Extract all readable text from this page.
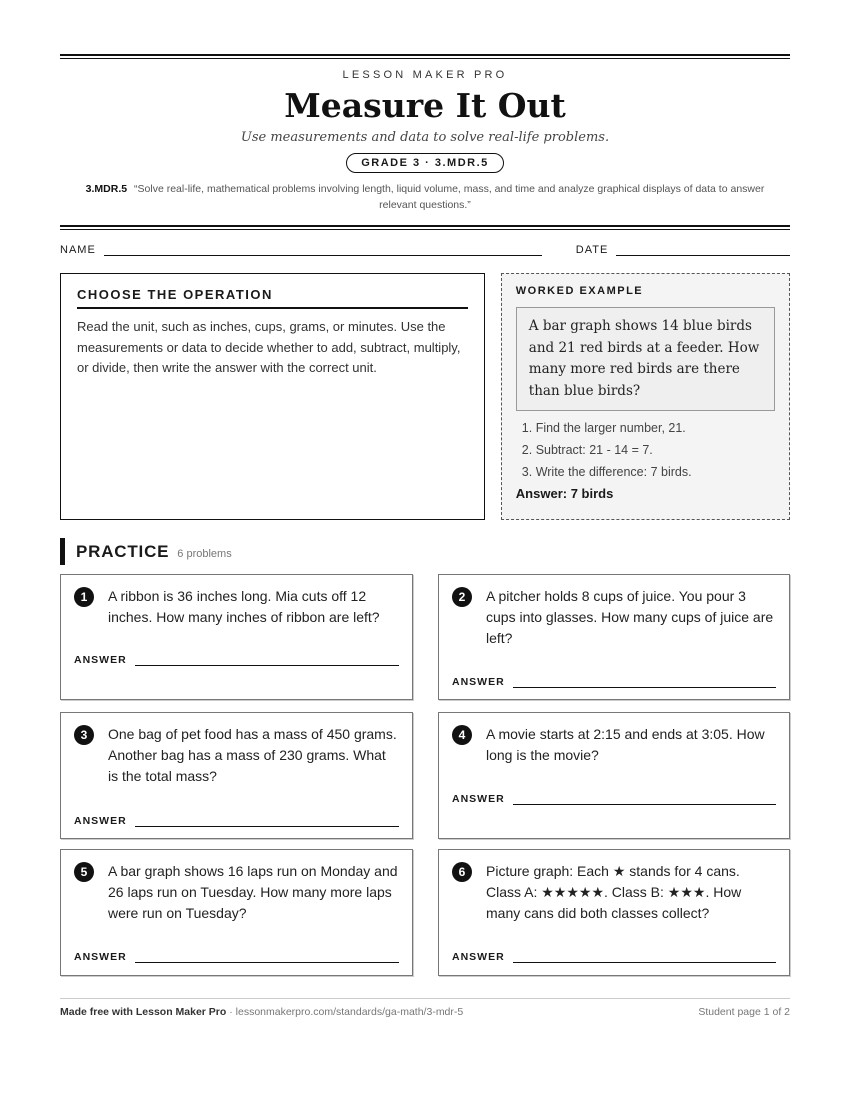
LESSON MAKER PRO
Measure It Out
Use measurements and data to solve real-life problems.
GRADE 3 · 3.MDR.5
3.MDR.5 “Solve real-life, mathematical problems involving length, liquid volume, mass, and time and analyze graphical displays of data to answer relevant questions.”
NAME	DATE
CHOOSE THE OPERATION
Read the unit, such as inches, cups, grams, or minutes. Use the measurements or data to decide whether to add, subtract, multiply, or divide, then write the answer with the correct unit.
WORKED EXAMPLE
A bar graph shows 14 blue birds and 21 red birds at a feeder. How many more red birds are there than blue birds?
1. Find the larger number, 21.
2. Subtract: 21 - 14 = 7.
3. Write the difference: 7 birds.
Answer: 7 birds
PRACTICE 6 problems
1	A ribbon is 36 inches long. Mia cuts off 12 inches. How many inches of ribbon are left?
ANSWER
2	A pitcher holds 8 cups of juice. You pour 3 cups into glasses. How many cups of juice are left?
ANSWER
3	One bag of pet food has a mass of 450 grams. Another bag has a mass of 230 grams. What is the total mass?
ANSWER
4	A movie starts at 2:15 and ends at 3:05. How long is the movie?
ANSWER
5	A bar graph shows 16 laps run on Monday and 26 laps run on Tuesday. How many more laps were run on Tuesday?
ANSWER
6	Picture graph: Each ★ stands for 4 cans. Class A: ★★★★★. Class B: ★★★. How many cans did both classes collect?
ANSWER
Made free with Lesson Maker Pro · lessonmakerpro.com/standards/ga-math/3-mdr-5	Student page 1 of 2
